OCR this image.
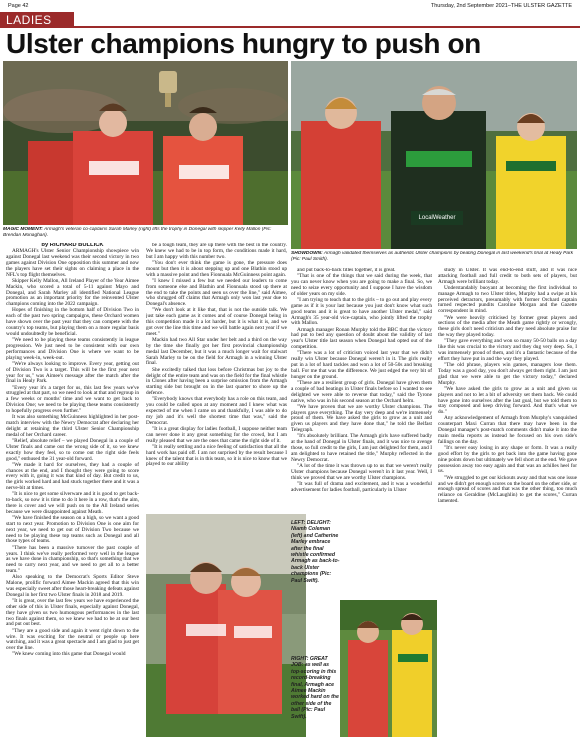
Page 42	Thursday, 2nd September 2021–THE ULSTER GAZETTE
LADIES
Ulster champions hungry to push on
LocalWeather
MAGIC MOMENT: Armagh's veteran co-captains Sarah Marley (right) lifts the trophy in Donegal with skipper Kelly Mallon (Pic: Brendan Monaghan).
SHOWDOWN: Armagh validated themselves as authentic Ulster champions by beating Donegal in last weekend's final at Healy Park (Pic: Paul Smith).

by RICHARD BULLICK

ARMAGH's Ulster Senior Championship showpiece win against Donegal last weekend was their second victory in two games against Division One opposition this summer and now the players have set their sights on claiming a place in the NFL's top flight themselves.

Skipper Kelly Mallon, All Ireland Player of the Year Aimee Mackin, who scored a total of 5-11 against Mayo and Donegal, and Sarah Marley all identified National League promotion as an important priority for the reinvented Ulster champions coming into the 2022 campaign.

Hopes of finishing in the bottom half of Division Two in each of the past two spring campaigns, these Orchard women have shown over the past year that they can compete with the country's top teams, but playing them on a more regular basis would undoubtedly be beneficial.

"We need to be playing these teams consistently in league progression. We just need to be consistent with our own performances and Division One is where we want to be playing week-in, week-out.

"We're always looking to improve. Every year, getting out of Division Two is a target. This will be the first year next year for us," was Aimee's message after the match after the final in Healy Park.

"Every year it's a target for us, this last few years we've struggled at that part, so we need to look at that and regroup in a few weeks or months' time and we want to get back to Division One; we need to be playing these teams consistently to hopefully progress even further."

It was also something McGuinness highlighted in her post-match interview with the Newry Democrat after declaring her delight at retaining the third Ulster Senior Championship medal of her Orchard career.

"Relief, absolute relief – we played Donegal in a couple of Ulster finals and came out the wrong side of it, so we knew exactly how they feel, so to come out the right side feels good," enthused the 31 year-old forward.

"We made it hard for ourselves, they had a couple of chances at the end, and I thought they were going to score every with it, going it was that kind of day. But credit to us, the girls worked hard and had stuck together there and it was a nerve-bit at times.

"It is nice to get some silverware and it is good to get back-to-back, so now it is time to do it here in a row, that's the aim, there is cover and we will push on to the All Ireland series because we were disappointed against Meath.

"We have finished the season on a high, so we want a good start to next year. Promotion to Division One is one aim for next year, we need to get out of Division Two because we need to be playing these top teams such as Donegal and all those types of teams.

"There has been a massive turnover the past couple of years. I think we've really performed very well in the league as we have done in championship, so that's something that we need to carry next year, and we need to get all to a better team."

Also speaking to the Democrat's Sports Editor Steve Malone, prolific forward Aimee Mackin agreed that this win was especially sweet after those heart-breaking defeats against Donegal in her first two Ulster finals in 2018 and 2019.

"It is great, over the last few years we have experienced the other side of this in Ulster finals, especially against Donegal, they have given us two humongous performances in the last two finals against them, so we knew we had to be at our best and put out best.

"They are a good side and again it went right down to the wire. It was exciting for the neutral or people up here watching, and it was a great spectacle and I am glad to just get over the line.

"We knew coming into this game that Donegal would

be a tough team, they are up there with the best in the country. We knew we had to be in top form, the conditions made it hard, but I am happy with this number two.

"You don't ever think the game is gone, the pressure does mount but then it is about stepping up and one Blathin stood up with a massive point and then Fionnuala McGuinness point again.

"I knew I missed a few but we needed our leaders to come from someone else and Blathin and Fionnuala stood up there at the end to take the points and seen us over the line," said Aimee, who shrugged off claims that Armagh only won last year due to Donegal's absence.

"We don't look at it like that, that is not the outside talk. We just take each game as it comes and of course Donegal being in this competition made it a lot harder, but it is what it is, and we got over the line this time and we will battle again next year if we meet."

Mackin had two All Star under her belt and a third on the way by the time she finally got her first provincial championship medal last December, but it was a much longer wait for stalwart Sarah Marley to be on the field for Armagh in a winning Ulster final.

She excitedly talked that loss before Christmas but joy to the delight of the entire team and was on the field for the final whistle in Clones after having been a surprise omission from the Armagh starting side but brought on in the last quarter to shore up the defence.

"Everybody knows that everybody has a role on this team, and you could be called upon at any moment and I knew what was expected of me when I came on and thankfully, I was able to do my job and it's well the shortest time that was," said the Democrat.

"It is a great display for ladies football, I suppose neither team can never done it any great something for the crowd, but I am really pleased that we are the ones that came the right side of it.

"It is really settling and a nice feeling of satisfaction that all the hard work has paid off. I am not surprised by the result because I knew of the talent that is in this team, so it is nice to know that we played to our ability

and put back-to-back titles together, it is great.

"That is one of the things that we said during the week, that you can never know when you are going to make a final. So, we need to seize every opportunity and I suppose I have the wisdom of older years on my side.

"I am trying to teach that to the girls – to go out and play every game as if it is your last because you just don't know what such good teams and it is great to have another Ulster medal," said Armagh's 35 year-old vice-captain, who jointly lifted the trophy with Mallon.

Armagh manager Ronan Murphy told the BBC that the victory had put to bed any question of doubt about the validity of last year's Ulster title last season when Donegal had opted out of the competition.

"There was a lot of criticism voiced last year that we didn't really win Ulster because Donegal weren't in it. The girls really put in a lot of hard tackles and won a lot of 50-50s and breaking ball. For me that was the difference. We just edged the very bit of hunger on the ground.

"These are a resilient group of girls. Donegal have given them a couple of bad beatings in Ulster finals before so I wanted to see delighted we were able to reverse that today," said the Tyrone native, who was in his second season at the Orchard helm.

"We have proven that we are worthy Ulster champions. The players gave everything. The day very deep and we're immensely proud of them. We have asked the girls to grow as a unit and given us players and they have done that," he told the Belfast Telegraph.

"It's absolutely brilliant. The Armagh girls have suffered badly at the hand of Donegal in Ulster finals, and it was nice to avenge those, so full credit to the girls, I am just delighted for them, and I am delighted to have retained the title," Murphy reflected in the Newry Democrat.

"A lot of the time it was thrown up to us that we weren't really Ulster champions because Donegal weren't in it last year. Well, I think we proved that we are worthy Ulster champions.

"It was full of drama and excitement, and it was a wonderful advertisement for ladies football, particularly in Ulster

study in Ulster. It was end-to-end stuff, and it was nice attacking football and full credit to both sets of players, but Armagh were brilliant today.

Understandably buoyant at becoming the first individual to manage Armagh to two Ulster titles, Murphy had a swipe at his perceived detractors, presumably with former Orchard captain turned respected pundits Caroline Morgan and the Gazette correspondent in mind.

"We were heavily criticised by former great players and sections of the media after the Meath game rightly or wrongly, these girls don't need criticism and they need absolute praise for the way they played today.

"They gave everything and won so many 50-50 balls on a day like this was crucial to the victory and they dug very deep. So, I was immensely proud of them, and it's a fantastic because of the effort they have put in and the way they played.

"The old phrase, players win games, managers lose them. Today was a good day, you don't always get them right. I am just glad that we were able to get the victory today," declared Murphy.

"We have asked the girls to grow as a unit and given us players and not to let a bit of adversity set them back. We could have gone into ourselves after the last goal, but we told them to stay composed and keep driving forward. And that's what we do."

Any acknowledgement of Armagh from Murphy's vanquished counterpart Maxi Curran that there may have been in the Donegal manager's post-match comments didn't make it into the main media reports as instead he focused on his own side's failings on the day.

"It's never easy losing in any shape or form. It was a really good effort by the girls to get back into the game having gone nine points down but ultimately we fell short at the end. We gave possession away too easy again and that was an achilles heel for us.

"We struggled to get our kickouts away and that was one issue and we didn't get enough scores on the board on the other side, or enough spread of scores and that was the other thing, too much reliance on Geraldine (McLaughlin) to get the scores," Curran lamented.

LEFT: DELIGHT: Niamh Coleman (left) and Catherine Marley embrace after the final whistle confirmed Armagh as back-to-back Ulster champions (Pic: Paul Swift).
RIGHT: GREAT JOB: as well as top-scoring in this record-breaking final, Armagh ace Aimee Mackin worked hard on the other side of the ball (Pic: Paul Swift).
